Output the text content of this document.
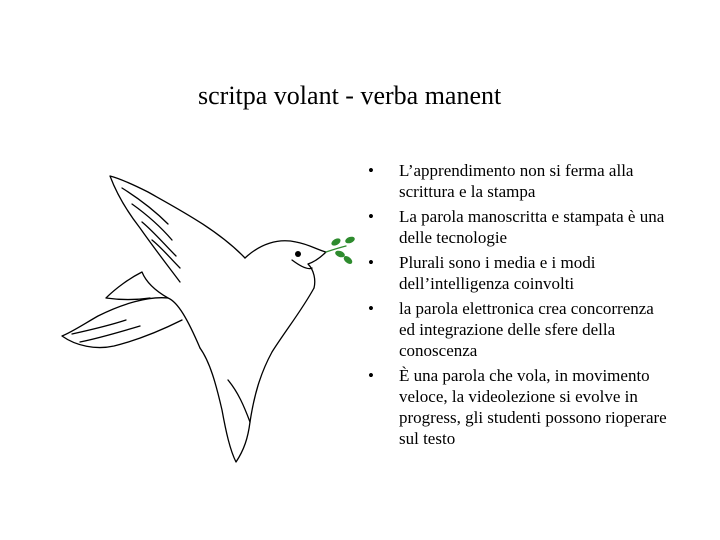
scritpa volant - verba manent
• L’apprendimento non si ferma alla scrittura e la stampa
• La parola manoscritta e stampata è una delle tecnologie
• Plurali sono i media e i modi dell’intelligenza coinvolti
• la parola elettronica crea concorrenza ed integrazione delle sfere della conoscenza
• È una parola che vola, in movimento veloce, la videolezione si evolve in progress, gli studenti possono rioperare sul testo
